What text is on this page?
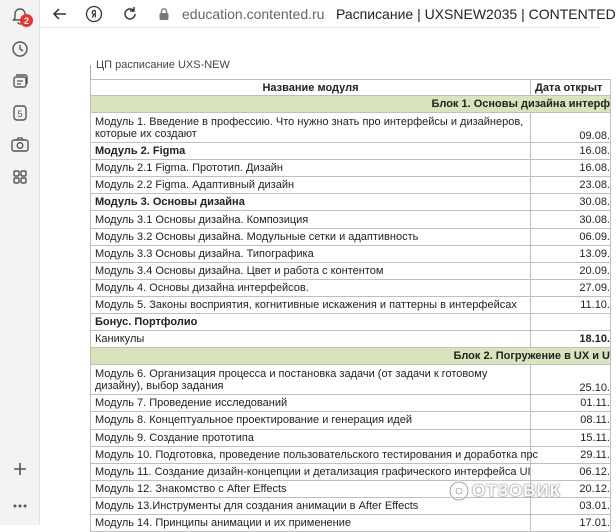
2
5
education.contented.ru Расписание | UXSNEW2035 | CONTENTED
ЦП расписание UXS-NEW
Название модуля	Дата открыт
Блок 1. Основы дизайна интерф	
Модуль 1. Введение в профессию. Что нужно знать про интерфейсы и дизайнеров, которые их создают	09.08.
Модуль 2. Figma	16.08.
Модуль 2.1 Figma. Прототип. Дизайн	16.08.
Модуль 2.2 Figma. Адаптивный дизайн	23.08.
Модуль 3. Основы дизайна	30.08.
Модуль 3.1 Основы дизайна. Композиция	30.08.
Модуль 3.2 Основы дизайна. Модульные сетки и адаптивность	06.09.
Модуль 3.3 Основы дизайна. Типографика	13.09.
Модуль 3.4 Основы дизайна. Цвет и работа с контентом	20.09.
Модуль 4. Основы дизайна интерфейсов.	27.09.
Модуль 5. Законы восприятия, когнитивные искажения и паттерны в интерфейсах	11.10.
Бонус. Портфолио	
Каникулы	18.10.
Блок 2. Погружение в UX и U	
Модуль 6. Организация процесса и постановка задачи (от задачи к готовому дизайну), выбор задания	25.10.
Модуль 7. Проведение исследований	01.11.
Модуль 8. Концептуальное проектирование и генерация идей	08.11.
Модуль 9. Создание прототипа	15.11.
Модуль 10. Подготовка, проведение пользовательского тестирования и доработка прс	29.11.
Модуль 11. Создание дизайн-концепции и детализация графического интерфейса UI	06.12.
Модуль 12. Знакомство с After Effects	20.12.
Модуль 13.Инструменты для создания анимации в After Effects	03.01.
Модуль 14. Принципы анимации и их применение	17.01.
ОТЗОВИК
